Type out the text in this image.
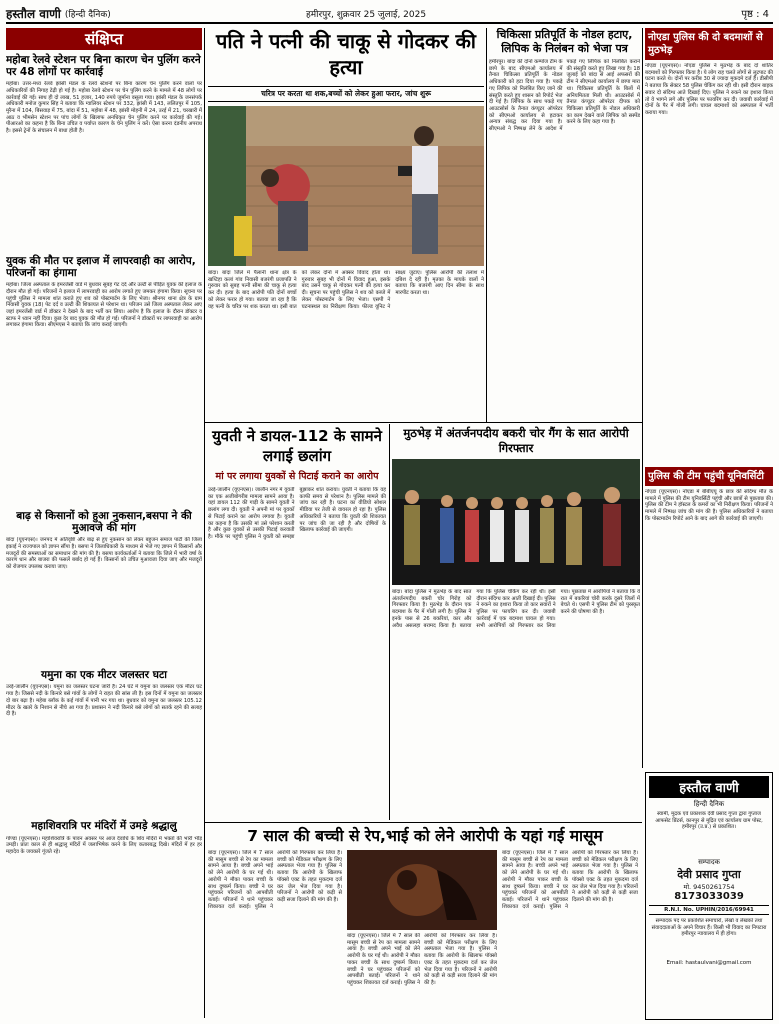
हस्तौल वाणी (हिन्दी दैनिक)	हमीरपुर, शुक्रवार 25 जुलाई, 2025	पृष्ठ : 4
संक्षिप्त
महोबा रेलवे स्टेशन पर बिना कारण चेन पुलिंग करने पर 48 लोगों पर कार्रवाई
महोबा। उत्तर-मध्य रेलवे झांसी मंडल के रेलवे स्टेशनों पर बिना कारण चेन पुलिंग करने वालों पर अधिकारियों की निगाह टेढ़ी हो गई है। महोबा रेलवे स्टेशन पर चेन पुलिंग करने के मामले में 48 लोगों पर कार्रवाई की गई। साथ ही दो लाख, 51 हजार, 140 रुपये जुर्माना वसूला गया। झांसी मंडल के जनसंपर्क अधिकारी मनोज कुमार सिंह ने बताया कि ग्वालियर स्टेशन पर 332, झांसी में 143, ललितपुर में 105, मुरैना में 104, बिसवाड़ में 75, बांदा में 51, महोबा में 48, झांसी मोहनी में 24, उरई में 21, चरखारी में आठ व भीमसेन स्टेशन पर पांच लोगों के खिलाफ अनधिकृत चेन पुलिंग करने पर कार्रवाई की गई। पीआरओ का कहना है कि बिना उचित व पर्याप्त कारण के चेन पुलिंग न करें। ऐसा करना दंडनीय अपराध है। इससे ट्रेनों के संचालन में बाधा होती है।
युवक की मौत पर इलाज में लापरवाही का आरोप, परिजनों का हंगामा
महोबा। जिला अस्पताल के इमरजेंसी वार्ड में बुधवार सुबह गेट दर्द और उल्टी से पीड़ित युवक की इलाज के दौरान मौत हो गई। परिजनों ने इलाज में लापरवाही का आरोप लगाते हुए जमकर हंगामा किया। सूचना पर पहुंची पुलिस ने मामला शांत कराते हुए शव को पोस्टमार्टम के लिए भेजा। श्रीनगर थाना क्षेत्र के ग्राम निवासी युवक (18) पेट दर्द व उल्टी की शिकायत से परेशान था। परिजन उसे जिला अस्पताल लेकर आए जहां इमरजेंसी वार्ड में डॉक्टर ने देखने के बाद भर्ती कर लिया। आरोप है कि इलाज के दौरान डॉक्टर व स्टाफ ने ध्यान नहीं दिया। कुछ देर बाद युवक की मौत हो गई। परिजनों ने डॉक्टरों पर लापरवाही का आरोप लगाकर हंगामा किया। सीएमएस ने बताया कि जांच कराई जाएगी।
बाढ़ से किसानों को हुआ नुकसान,बसपा ने की मुआवजे की मांग
बांदा (यूएनएस)। जनपद में अतिवृष्टि और बाढ़ से हुए नुकसान को लेकर बहुजन समाज पार्टी की जिला इकाई ने राज्यपाल को ज्ञापन सौंपा है। बसपा ने जिलाधिकारी के माध्यम से भेजे गए ज्ञापन में किसानों और मजदूरों की समस्याओं का समाधान की मांग की है। बसपा कार्यकर्ताओं ने बताया कि जिले में भारी वर्षा के कारण धान और बाजरा की फसलें बर्बाद हो गई हैं। किसानों को उचित मुआवजा दिया जाए और मजदूरों को रोजगार उपलब्ध कराया जाए।
यमुना का एक मीटर जलस्तर घटा
उरई-जालौन (यूएनएस)। यमुना का जलस्तर घटना जारी है। 24 घंटे में यमुना का जलस्तर एक मीटर घट गया है। जिससे नदी के किनारे बसे गांवों के लोगों ने राहत की सांस ली है। इस दिनों में यमुना का जलस्तर दो बार बढ़ा है। महेबा ब्लॉक के कई गांवों में पानी भर गया था। बुधवार को यमुना का जलस्तर 105.12 मीटर के खतरे के निशान से नीचे आ गया है। प्रशासन ने नदी किनारे बसे लोगों को सतर्क रहने की सलाह दी है।
महाशिवरात्रि पर मंदिरों में उमड़े श्रद्धालु
गोण्डा (यूएनएस)। महाशिवरात्रि के पावन अवसर पर आज देवाधि के शिव मंदिरों में भक्तों की भारी भीड़ उमड़ी। प्रातः काल से ही श्रद्धालु मंदिरों में जलाभिषेक करने के लिए कतारबद्ध दिखे। मंदिरों में हर हर महादेव के जयकारे गूंजते रहे।
पति ने पत्नी की चाकू से गोदकर की हत्या
चरित्र पर करता था शक,बच्चों को लेकर हुआ फरार, जांच शुरू
बांदा। बांदा जिले में पैलानी थाना क्षेत्र के खप्टिहा कलां गांव निवासी बजरंगी प्रजापति ने गुरुवार को सुबह पत्नी सीमा की चाकू से हत्या कर दी। हत्या के बाद आरोपी पति दोनों बच्चों को लेकर फरार हो गया। बताया जा रहा है कि वह पत्नी के चरित्र पर शक करता था। इसी बात को लेकर दोनों में अक्सर विवाद होता था। गुरुवार सुबह भी दोनों में विवाद हुआ, इसके बाद उसने चाकू से गोदकर पत्नी की हत्या कर दी। सूचना पर पहुंची पुलिस ने शव को कब्जे में लेकर पोस्टमार्टम के लिए भेजा। एसपी ने घटनास्थल का निरीक्षण किया। फील्ड यूनिट ने साक्ष्य जुटाए। पुलिस आरोपी की तलाश में दबिश दे रही है। मृतका के मायके वालों ने बताया कि बजरंगी आए दिन सीमा के साथ मारपीट करता था।
चिकित्सा प्रतिपूर्ति के नोडल हटाए, लिपिक के निलंबन को भेजा पत्र
हमीरपुर। बांदा की दोनों कम्पोज टीम के छापे के बाद सीएमओ कार्यालय में तैनात चिकित्सा प्रतिपूर्ति के नोडल अधिकारी को हटा दिया गया है। पकड़े गए लिपिक को निलंबित किए जाने की संस्तुति करते हुए शासन को रिपोर्ट भेज दी गई है। लिपिक के साथ पकड़े गए आउटसोर्स के तैनात कंप्यूटर ऑपरेटर को सीएमओ कार्यालय से हटाकर अन्यत्र संबद्ध कर दिया गया है। सीएमओ ने निष्पक्ष लेने के आदेश में पकड़े गए लिपिक को निलंबित कराने की संस्तुति करते हुए लिखा गया है। 18 जुलाई को बांदा से आई अफसरों की टीम ने सीएमओ कार्यालय में छापा मारा था। चिकित्सा प्रतिपूर्ति के बिलों में अनियमितता मिली थी। आउटसोर्स में तैनात कंप्यूटर ऑपरेटर दीपक को चिकित्सा प्रतिपूर्ति के नोडल अधिकारी का काम देखने वाले लिपिक को सस्पेंड करने के लिए कहा गया है।
नोएडा पुलिस की दो बदमाशों से मुठभेड़
नोएडा (यूएनएस)। नोएडा पुलिस ने मुठभेड़ के बाद दो शातिर बदमाशों को गिरफ्तार किया है। ये लोग राह चलते लोगों से लूटपाट की घटना करते थे। दोनों पर करीब 30 से ज्यादा मुकदमे दर्ज हैं। डीसीपी ने बताया कि सेक्टर 58 पुलिस चेकिंग कर रही थी। इसी दौरान बाइक सवार दो संदिग्ध आते दिखाई दिए। पुलिस ने रुकने का इशारा किया तो वे भागने लगे और पुलिस पर फायरिंग कर दी। जवाबी कार्रवाई में दोनों के पैर में गोली लगी। घायल बदमाशों को अस्पताल में भर्ती कराया गया।
पुलिस की टीम पहुंची यूनिवर्सिटी
नोएडा (यूएनएस)। नोएडा में बीबीएयू के छात्र की संदिग्ध मौत के मामले में पुलिस की टीम यूनिवर्सिटी पहुंची और छात्रों से पूछताछ की। पुलिस की टीम ने हॉस्टल के कमरों का भी निरीक्षण किया। परिजनों ने मामले में निष्पक्ष जांच की मांग की है। पुलिस अधिकारियों ने बताया कि पोस्टमार्टम रिपोर्ट आने के बाद आगे की कार्रवाई की जाएगी।
युवती ने डायल-112 के सामने लगाई छलांग
मां पर लगाया युवकों से पिटाई कराने का आरोप
उरई-जालौन (यूएनएस)। जालौन नगर में युवती का एक अजीबोगरीब मामला सामने आया है। यहां डायल 112 की गाड़ी के सामने युवती ने छलांग लगा दी। युवती ने अपनी मां पर युवकों से पिटाई कराने का आरोप लगाया है। युवती का कहना है कि उसकी मां उसे परेशान करती है और कुछ युवकों से उसकी पिटाई करवाती है। मौके पर पहुंची पुलिस ने युवती को समझा बुझाकर शांत कराया। युवती ने बताया कि वह काफी समय से परेशान है। पुलिस मामले की जांच कर रही है। घटना का वीडियो सोशल मीडिया पर तेजी से वायरल हो रहा है। पुलिस अधिकारियों ने बताया कि युवती की शिकायत पर जांच की जा रही है और दोषियों के खिलाफ कार्रवाई की जाएगी।
मुठभेड़ में अंतर्जनपदीय बकरी चोर गैंग के सात आरोपी गिरफ्तार
बांदा। बांदा पुलिस ने मुठभेड़ के बाद सात अंतर्जनपदीय बकरी चोर गिरोह को गिरफ्तार किया है। मुठभेड़ के दौरान एक बदमाश के पैर में गोली लगी है। पुलिस ने इनके पास से 26 बकरियां, कार और अवैध असलहा बरामद किया है। बताया गया कि पुलिस चेकिंग कर रही थी। इसी दौरान संदिग्ध कार आती दिखाई दी। पुलिस ने रुकने का इशारा किया तो कार सवारों ने पुलिस पर फायरिंग कर दी। जवाबी कार्रवाई में एक बदमाश घायल हो गया। सभी आरोपियों को गिरफ्तार कर लिया गया। पूछताछ में आरोपियों ने बताया कि वे रात में बकरियां चोरी करके दूसरे जिलों में बेचते थे। एसपी ने पुलिस टीम को पुरस्कृत करने की घोषणा की है।
7 साल की बच्ची से रेप,भाई को लेने आरोपी के यहां गई मासूम
बांदा (यूएनएस)। जिले में 7 साल की मासूम बच्ची से रेप का मामला सामने आया है। बच्ची अपने भाई को लेने आरोपी के घर गई थी। आरोपी ने मौका पाकर बच्ची के साथ दुष्कर्म किया। बच्ची ने घर पहुंचकर परिजनों को आपबीती बताई। परिजनों ने थाने पहुंचकर शिकायत दर्ज कराई। पुलिस ने आरोपी को गिरफ्तार कर लिया है। बच्ची को मेडिकल परीक्षण के लिए अस्पताल भेजा गया है। पुलिस ने बताया कि आरोपी के खिलाफ पॉक्सो एक्ट के तहत मुकदमा दर्ज कर जेल भेज दिया गया है। परिजनों ने आरोपी को कड़ी से कड़ी सजा दिलाने की मांग की है।
बांदा (यूएनएस)। जिले में 7 साल की मासूम बच्ची से रेप का मामला सामने आया है। बच्ची अपने भाई को लेने आरोपी के घर गई थी। आरोपी ने मौका पाकर बच्ची के साथ दुष्कर्म किया। बच्ची ने घर पहुंचकर परिजनों को आपबीती बताई। परिजनों ने थाने पहुंचकर शिकायत दर्ज कराई। पुलिस ने आरोपी को गिरफ्तार कर लिया है। बच्ची को मेडिकल परीक्षण के लिए अस्पताल भेजा गया है। पुलिस ने बताया कि आरोपी के खिलाफ पॉक्सो एक्ट के तहत मुकदमा दर्ज कर जेल भेज दिया गया है। परिजनों ने आरोपी को कड़ी से कड़ी सजा दिलाने की मांग की है।
बांदा (यूएनएस)। जिले में 7 साल की मासूम बच्ची से रेप का मामला सामने आया है। बच्ची अपने भाई को लेने आरोपी के घर गई थी। आरोपी ने मौका पाकर बच्ची के साथ दुष्कर्म किया। बच्ची ने घर पहुंचकर परिजनों को आपबीती बताई। परिजनों ने थाने पहुंचकर शिकायत दर्ज कराई। पुलिस ने आरोपी को गिरफ्तार कर लिया है। बच्ची को मेडिकल परीक्षण के लिए अस्पताल भेजा गया है। पुलिस ने बताया कि आरोपी के खिलाफ पॉक्सो एक्ट के तहत मुकदमा दर्ज कर जेल भेज दिया गया है। परिजनों ने आरोपी को कड़ी से कड़ी सजा दिलाने की मांग की है।
हस्तौल वाणी
हिन्दी दैनिक
स्वामी, मुद्रक एवं प्रकाशक देवी प्रसाद गुप्ता द्वारा गुप्ताज आफसेट प्रिंटर्स, कानपुर से मुद्रित एवं कार्यालय ग्राम पोस्ट, हमीरपुर (उ.प्र.) से प्रकाशित।
सम्पादक
देवी प्रसाद गुप्ता
मो. 9450261754
8173033039
R.N.I. No. UPHIN/2016/69941
सम्पादक पद पर प्रकाशित समाचारों, लेखों व लेखकों तथा संवाददाताओं के अपने विचार हैं। किसी भी विवाद का निपटारा हमीरपुर न्यायालय में ही होगा।
Email: hastaulvani@gmail.com
